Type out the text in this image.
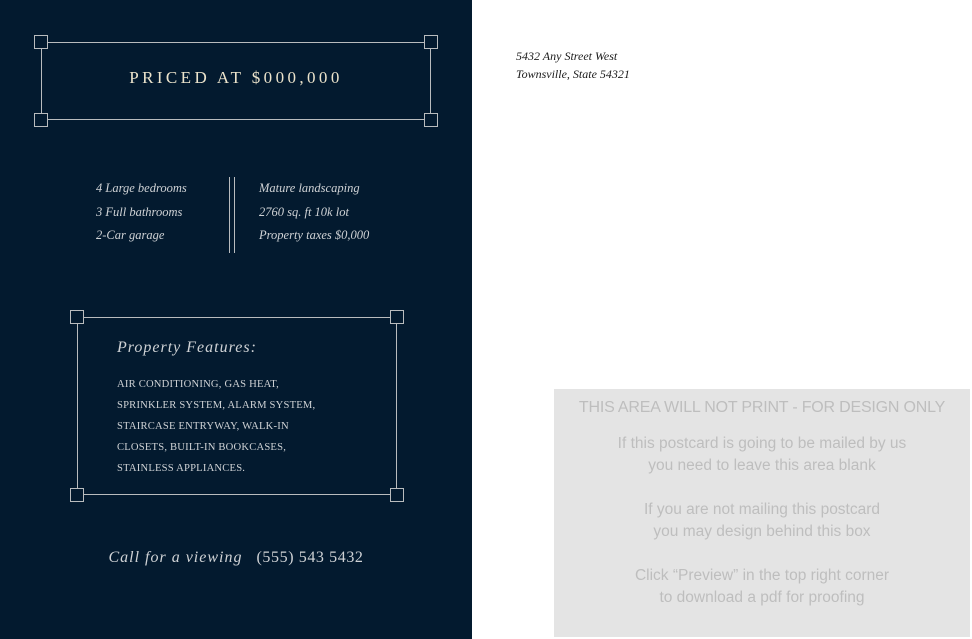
PRICED AT $000,000
4 Large bedrooms
3 Full bathrooms
2-Car garage
Mature landscaping
2760 sq. ft 10k lot
Property taxes $0,000
Property Features:
AIR CONDITIONING, GAS HEAT,
SPRINKLER SYSTEM, ALARM SYSTEM,
STAIRCASE ENTRYWAY, WALK-IN
CLOSETS, BUILT-IN BOOKCASES,
STAINLESS APPLIANCES.
Call for a viewing (555) 543 5432
5432 Any Street West
Townsville, State 54321
THIS AREA WILL NOT PRINT - FOR DESIGN ONLY
If this postcard is going to be mailed by us
you need to leave this area blank
If you are not mailing this postcard
you may design behind this box
Click “Preview” in the top right corner
to download a pdf for proofing
